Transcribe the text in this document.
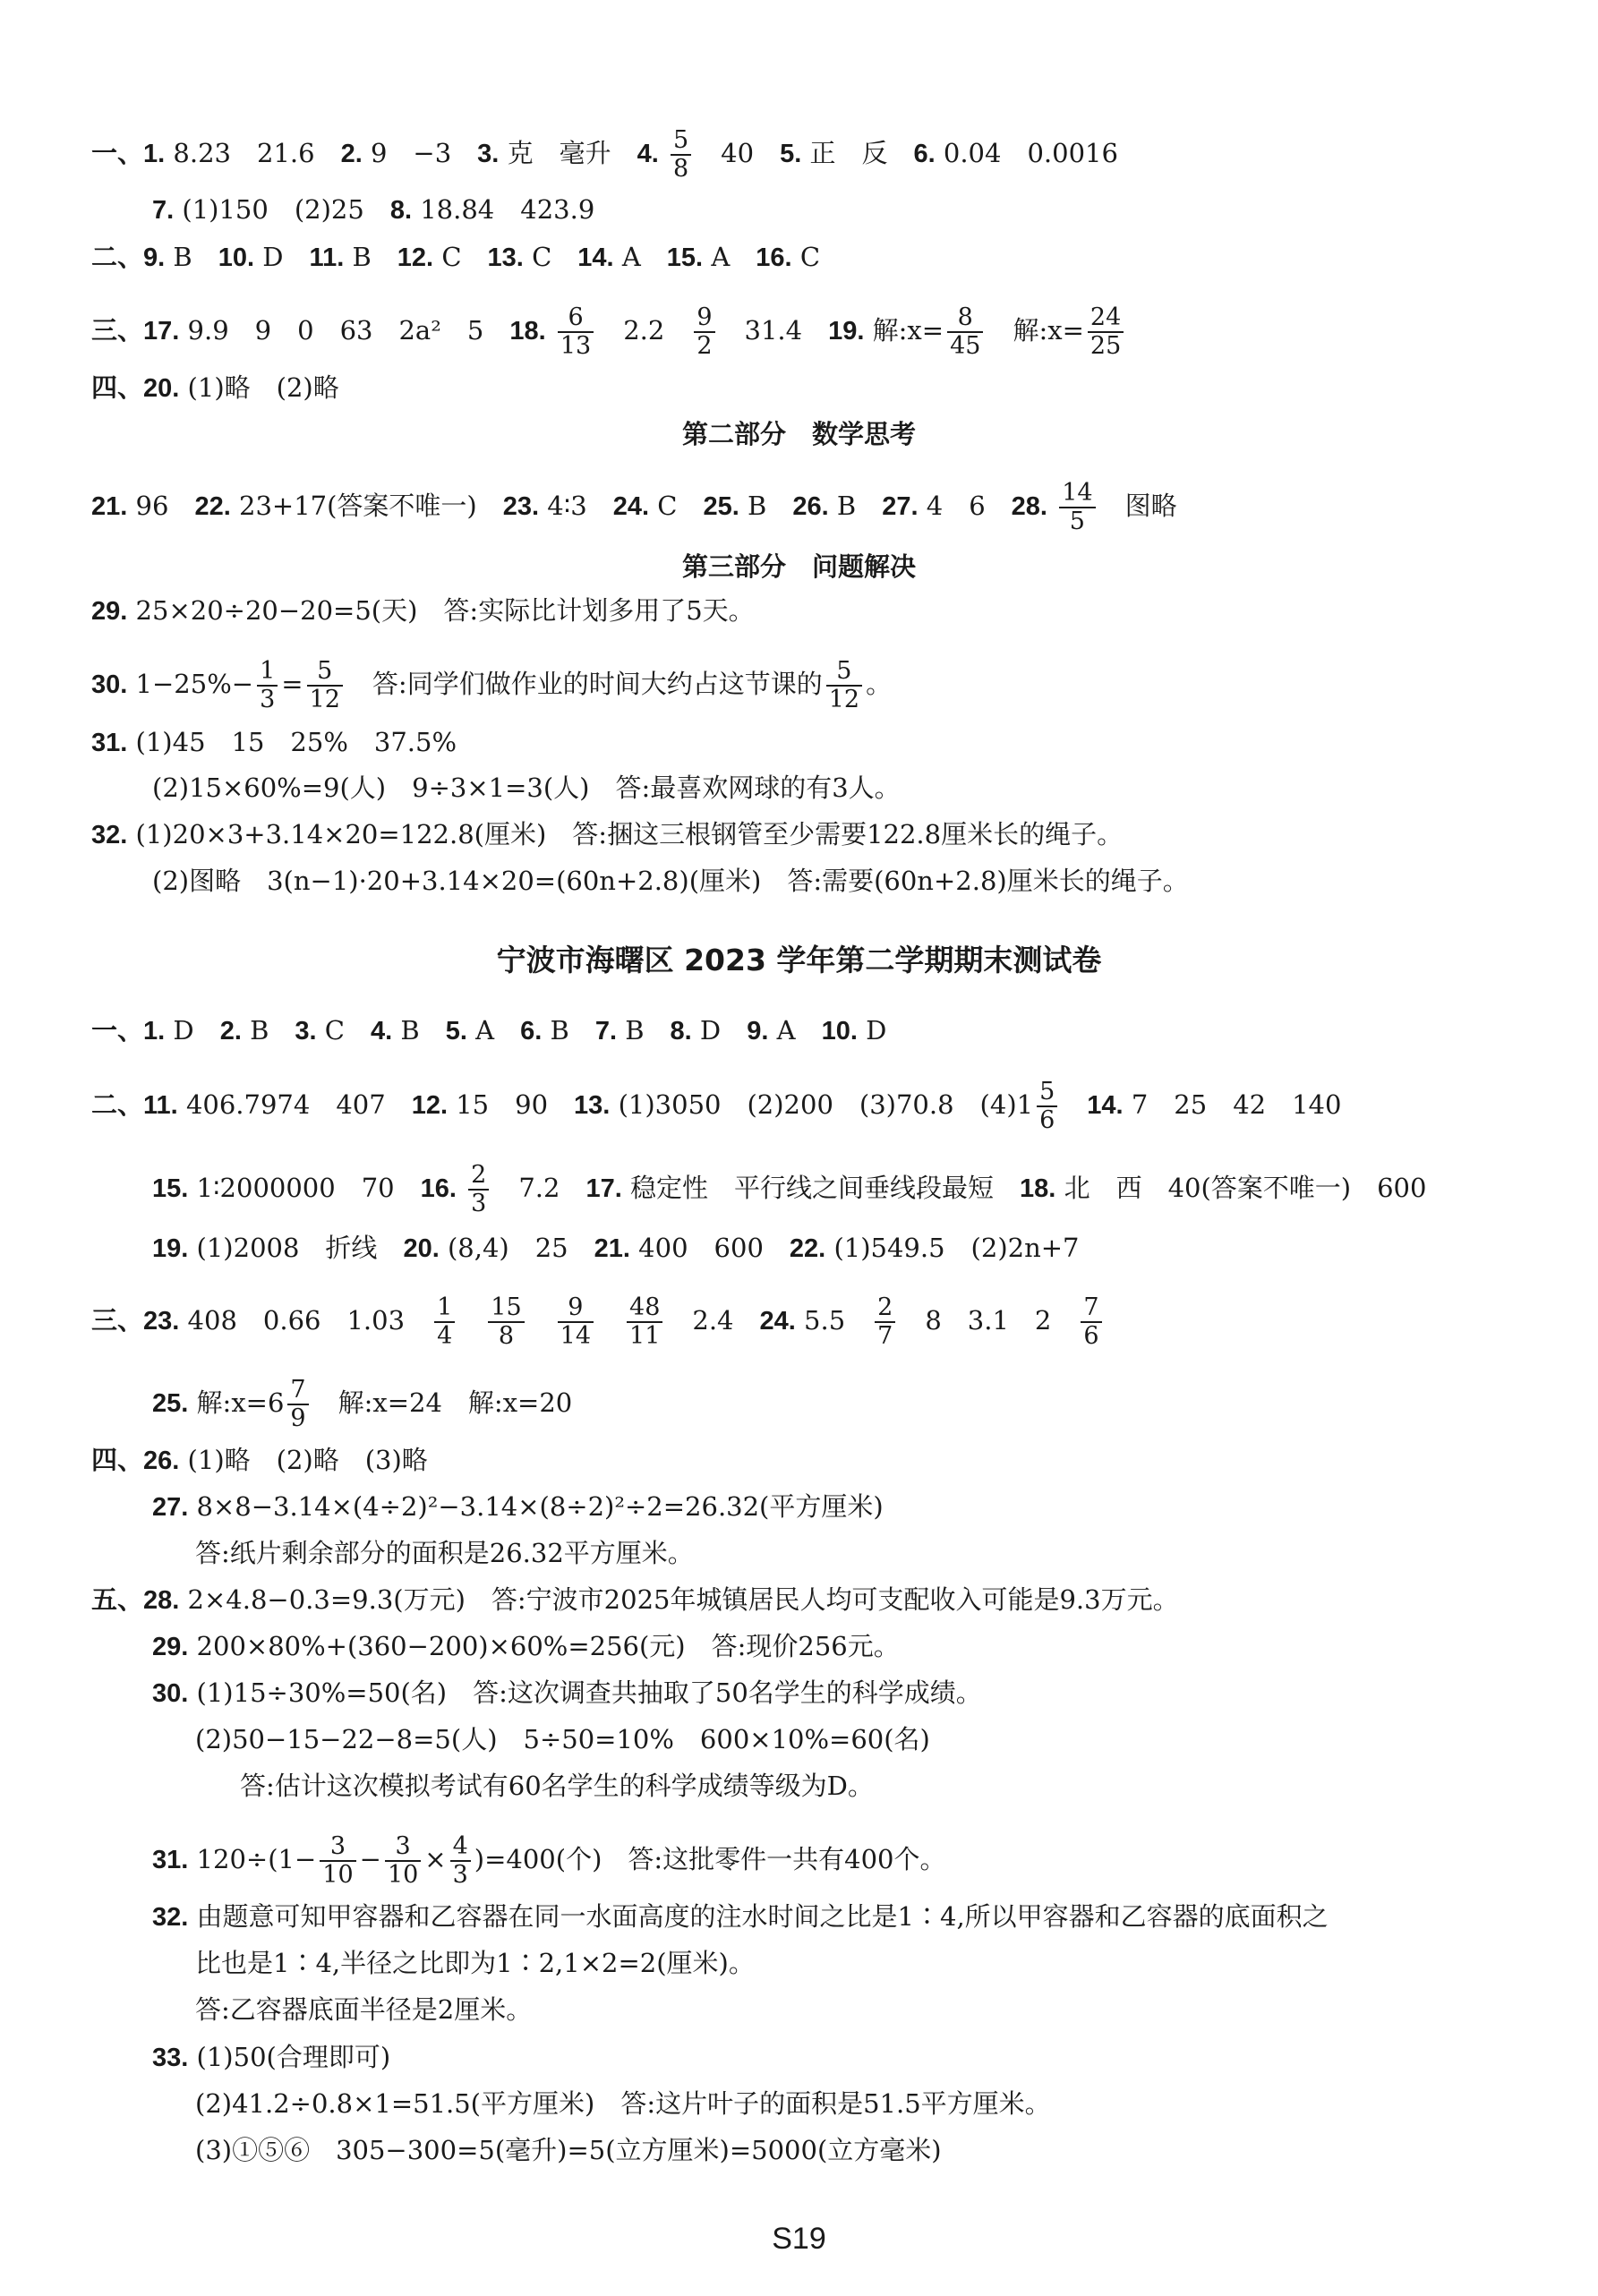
一、1. 8.23　21.6　2. 9　−3　3. 克　毫升　4. $\frac{5}{8}$ 　40　5. 正　反　6. 0.04　0.0016
7. (1)150　(2)25　8. 18.84　423.9
二、9. B　10. D　11. B　12. C　13. C　14. A　15. A　16. C
三、17. 9.9　9　0　63　2a²　5　18. $\frac{6}{13}$ 　2.2　 $\frac{9}{2}$ 　31.4　19. 解:x= $\frac{8}{45}$ 　解:x= $\frac{24}{25}$
四、20. (1)略　(2)略
第二部分　数学思考
21. 96　22. 23+17(答案不唯一)　23. 4∶3　24. C　25. B　26. B　27. 4　6　28. $\frac{14}{5}$ 　图略
第三部分　问题解决
29. 25×20÷20−20=5(天)　答:实际比计划多用了5天。
30. $1-25\%- \frac{1}{3} = \frac{5}{12}$ 　答:同学们做作业的时间大约占这节课的 $\frac{5}{12}$ 。
31. (1)45　15　25%　37.5%
(2)15×60%=9(人)　9÷3×1=3(人)　答:最喜欢网球的有3人。
32. (1)20×3+3.14×20=122.8(厘米)　答:捆这三根钢管至少需要122.8厘米长的绳子。
(2)图略　3(n−1)·20+3.14×20=(60n+2.8)(厘米)　答:需要(60n+2.8)厘米长的绳子。
宁波市海曙区 2023 学年第二学期期末测试卷
一、1. D　2. B　3. C　4. B　5. A　6. B　7. B　8. D　9. A　10. D
二、11. 406.7974　407　12. 15　90　13. (1)3050　(2)200　(3)70.8　$(4)1 \frac{5}{6}$
　 14. 7　25　42　140
15. 1∶2000000　70　16. $\frac{2}{3}$ 　7.2　17. 稳定性　平行线之间垂线段最短　18. 北　西　40(答案不唯一)　600
19. (1)2008　折线　20. (8,4)　25　21. 400　600　22. (1)549.5　(2)2n+7
三、23. 408　0.66　1.03　 $\frac{1}{4}$
　 $\frac{15}{8}$
　 $\frac{9}{14}$
　 $\frac{48}{11}$ 　2.4　24. 5.5　 $\frac{2}{7}$ 　8　3.1　2　 $\frac{7}{6}$
25. 解:x=6 $\frac{7}{9}$ 　解:x=24　解:x=20
四、26. (1)略　(2)略　(3)略
27. 8×8−3.14×(4÷2)²−3.14×(8÷2)²÷2=26.32(平方厘米)
答:纸片剩余部分的面积是26.32平方厘米。
五、28. 2×4.8−0.3=9.3(万元)　答:宁波市2025年城镇居民人均可支配收入可能是9.3万元。
29. 200×80%+(360−200)×60%=256(元)　答:现价256元。
30. (1)15÷30%=50(名)　答:这次调查共抽取了50名学生的科学成绩。
(2)50−15−22−8=5(人)　5÷50=10%　600×10%=60(名)
答:估计这次模拟考试有60名学生的科学成绩等级为D。
31. $120\div(1- \frac{3}{10} - \frac{3}{10} \times \frac{4}{3} )=400$(个)　答:这批零件一共有400个。
32. 由题意可知甲容器和乙容器在同一水面高度的注水时间之比是1∶4,所以甲容器和乙容器的底面积之
比也是1∶4,半径之比即为1∶2,1×2=2(厘米)。
答:乙容器底面半径是2厘米。
33. (1)50(合理即可)
(2)41.2÷0.8×1=51.5(平方厘米)　答:这片叶子的面积是51.5平方厘米。
(3)①⑤⑥　305−300=5(毫升)=5(立方厘米)=5000(立方毫米)
S19
